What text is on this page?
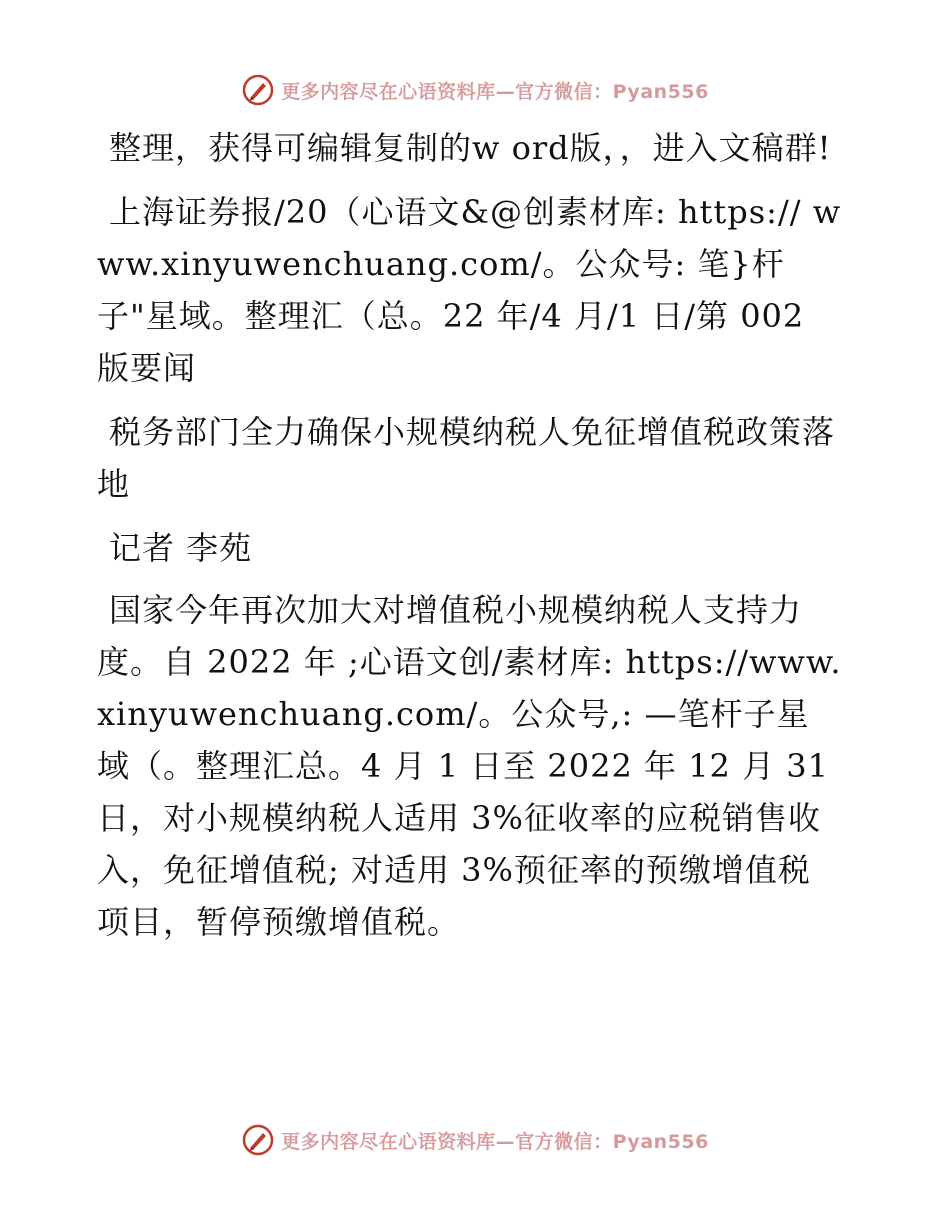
更多内容尽在心语资料库—官方微信：Pyan556

整理，获得可编辑复制的w ord版，，进入文稿群!

上海证券报/20（心语文&@创素材库: https:// www.xinyuwenchuang.com/。公众号: 笔}杆子"星域。整理汇（总。22 年/4 月/1 日/第 002 版要闻

税务部门全力确保小规模纳税人免征增值税政策落地

记者 李苑

国家今年再次加大对增值税小规模纳税人支持力度。自 2022 年 ;心语文创/素材库: https://www.xinyuwenchuang.com/。公众号,: —笔杆子星域（。整理汇总。4 月 1 日至 2022 年 12 月 31日，对小规模纳税人适用 3%征收率的应税销售收入，免征增值税; 对适用 3%预征率的预缴增值税项目，暂停预缴增值税。

更多内容尽在心语资料库—官方微信：Pyan556
